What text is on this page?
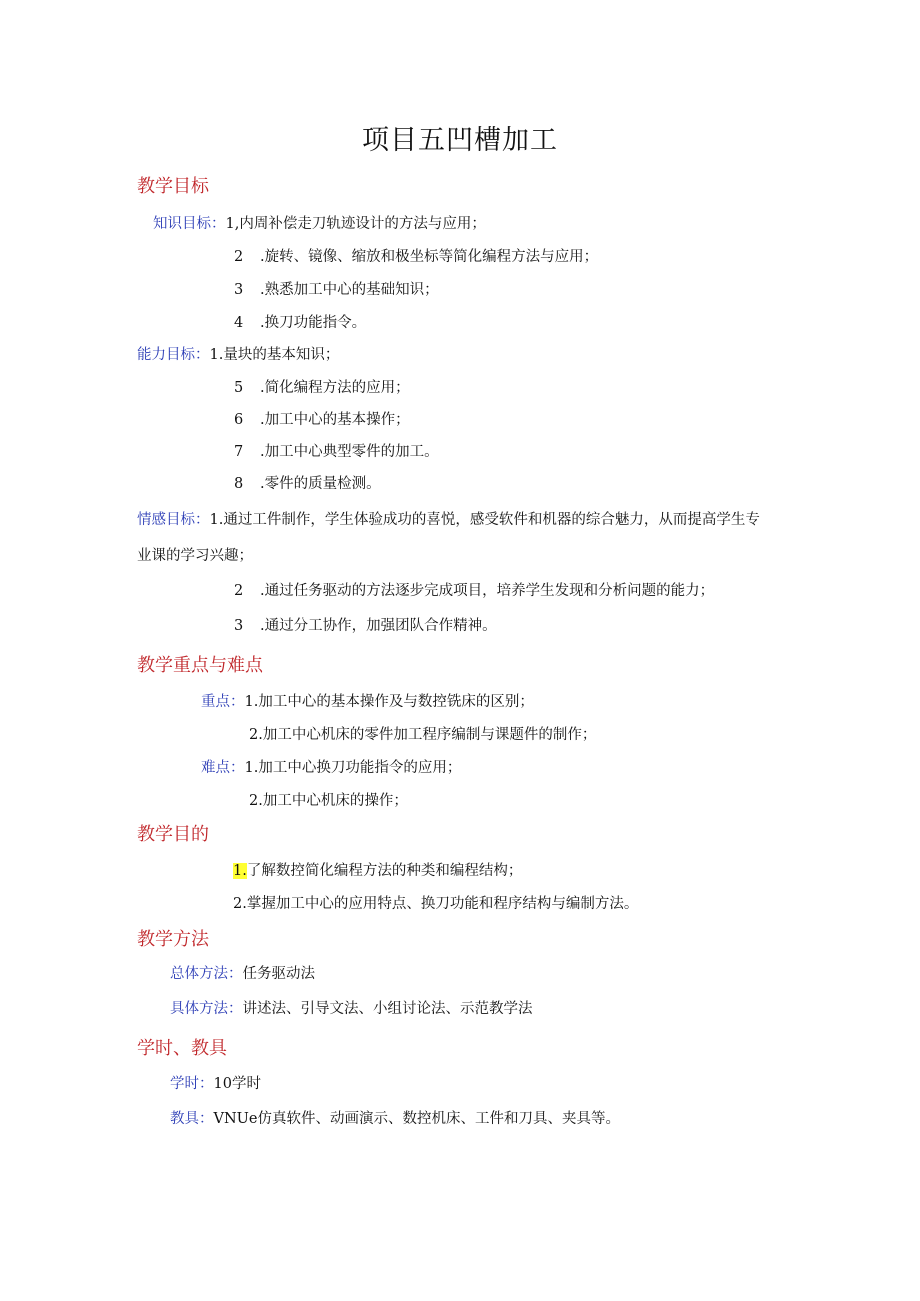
项目五凹槽加工
教学目标
知识目标：1,内周补偿走刀轨迹设计的方法与应用；
2 .旋转、镜像、缩放和极坐标等简化编程方法与应用；
3 .熟悉加工中心的基础知识；
4 .换刀功能指令。
能力目标：1.量块的基本知识；
5 .简化编程方法的应用；
6 .加工中心的基本操作；
7 .加工中心典型零件的加工。
8 .零件的质量检测。
情感目标：1.通过工件制作，学生体验成功的喜悦，感受软件和机器的综合魅力，从而提高学生专
业课的学习兴趣；
2 .通过任务驱动的方法逐步完成项目，培养学生发现和分析问题的能力；
3 .通过分工协作，加强团队合作精神。
教学重点与难点
重点：1.加工中心的基本操作及与数控铣床的区别；
2.加工中心机床的零件加工程序编制与课题件的制作；
难点：1.加工中心换刀功能指令的应用；
2.加工中心机床的操作；
教学目的
1.了解数控简化编程方法的种类和编程结构；
2.掌握加工中心的应用特点、换刀功能和程序结构与编制方法。
教学方法
总体方法：任务驱动法
具体方法：讲述法、引导文法、小组讨论法、示范教学法
学时、教具
学时：10学时
教具：VNUe仿真软件、动画演示、数控机床、工件和刀具、夹具等。
